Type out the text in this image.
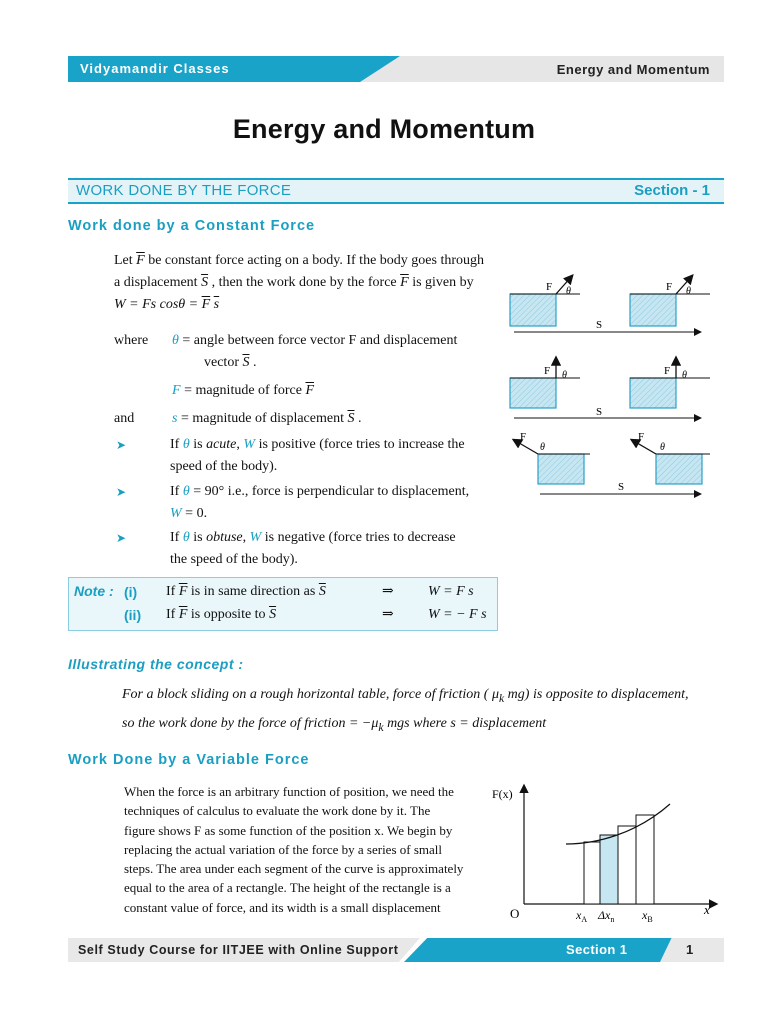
Vidyamandir Classes	Energy and Momentum
Energy and Momentum
WORK DONE BY THE FORCE	Section - 1
Work done by a Constant Force
Let $\overline{F}$ be constant force acting on a body. If the body goes through
a displacement $\overline{S}$ , then the work done by the force $\overline{F}$ is given by
W = Fs $\cos\theta = \overline{F}$ $\overline{s}$
where θ = angle between force vector F and displacement
vector $\overline{S}$ .
F = magnitude of force $\overline{F}$
and	s = magnitude of displacement $\overline{S}$ .
➤	If θ is acute, W is positive (force tries to increase the
speed of the body).
➤	If θ = 90° i.e., force is perpendicular to displacement,
W = 0.
➤	If θ is obtuse, W is negative (force tries to decrease
the speed of the body).
F θ	F θ
S
F θ	F θ
S
F
θ
F
θ
S
Note : (i) If $\overline{F}$ is in same direction as $\overline{S}$	⇒ W = F s
(ii) If $\overline{F}$ is opposite to $\overline{S}$	⇒ W = − F s
Illustrating the concept :
For a block sliding on a rough horizontal table, force of friction ( $\mu_k$ mg) is opposite to displacement,
so the work done by the force of friction = $-\mu_k$ mgs where s = displacement
Work Done by a Variable Force
When the force is an arbitrary function of position, we need the
techniques of calculus to evaluate the work done by it. The
figure shows F as some function of the position x. We begin by
replacing the actual variation of the force by a series of small
steps. The area under each segment of the curve is approximately
equal to the area of a rectangle. The height of the rectangle is a
constant value of force, and its width is a small displacement
F(x)
O	x
$x_A$ $\Delta x_n$ $x_B$
Self Study Course for IITJEE with Online Support	Section 1	1
